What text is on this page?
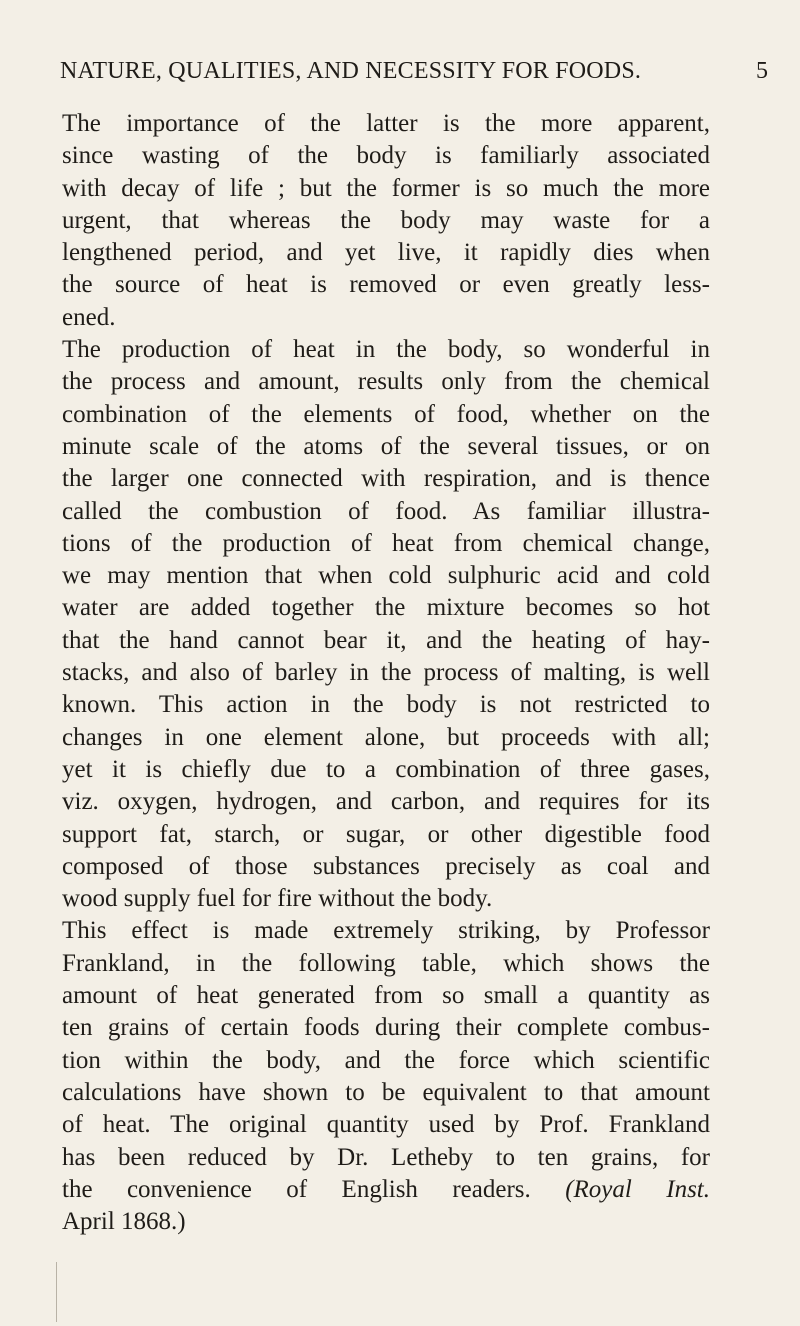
NATURE, QUALITIES, AND NECESSITY FOR FOODS.	5
The importance of the latter is the more apparent,
since wasting of the body is familiarly associated
with decay of life ; but the former is so much the more
urgent, that whereas the body may waste for a
lengthened period, and yet live, it rapidly dies when
the source of heat is removed or even greatly less-
ened.
The production of heat in the body, so wonderful in
the process and amount, results only from the chemical
combination of the elements of food, whether on the
minute scale of the atoms of the several tissues, or on
the larger one connected with respiration, and is thence
called the combustion of food. As familiar illustra-
tions of the production of heat from chemical change,
we may mention that when cold sulphuric acid and cold
water are added together the mixture becomes so hot
that the hand cannot bear it, and the heating of hay-
stacks, and also of barley in the process of malting, is well
known. This action in the body is not restricted to
changes in one element alone, but proceeds with all;
yet it is chiefly due to a combination of three gases,
viz. oxygen, hydrogen, and carbon, and requires for its
support fat, starch, or sugar, or other digestible food
composed of those substances precisely as coal and
wood supply fuel for fire without the body.
This effect is made extremely striking, by Professor
Frankland, in the following table, which shows the
amount of heat generated from so small a quantity as
ten grains of certain foods during their complete combus-
tion within the body, and the force which scientific
calculations have shown to be equivalent to that amount
of heat. The original quantity used by Prof. Frankland
has been reduced by Dr. Letheby to ten grains, for
the convenience of English readers. (Royal Inst.
April 1868.)
